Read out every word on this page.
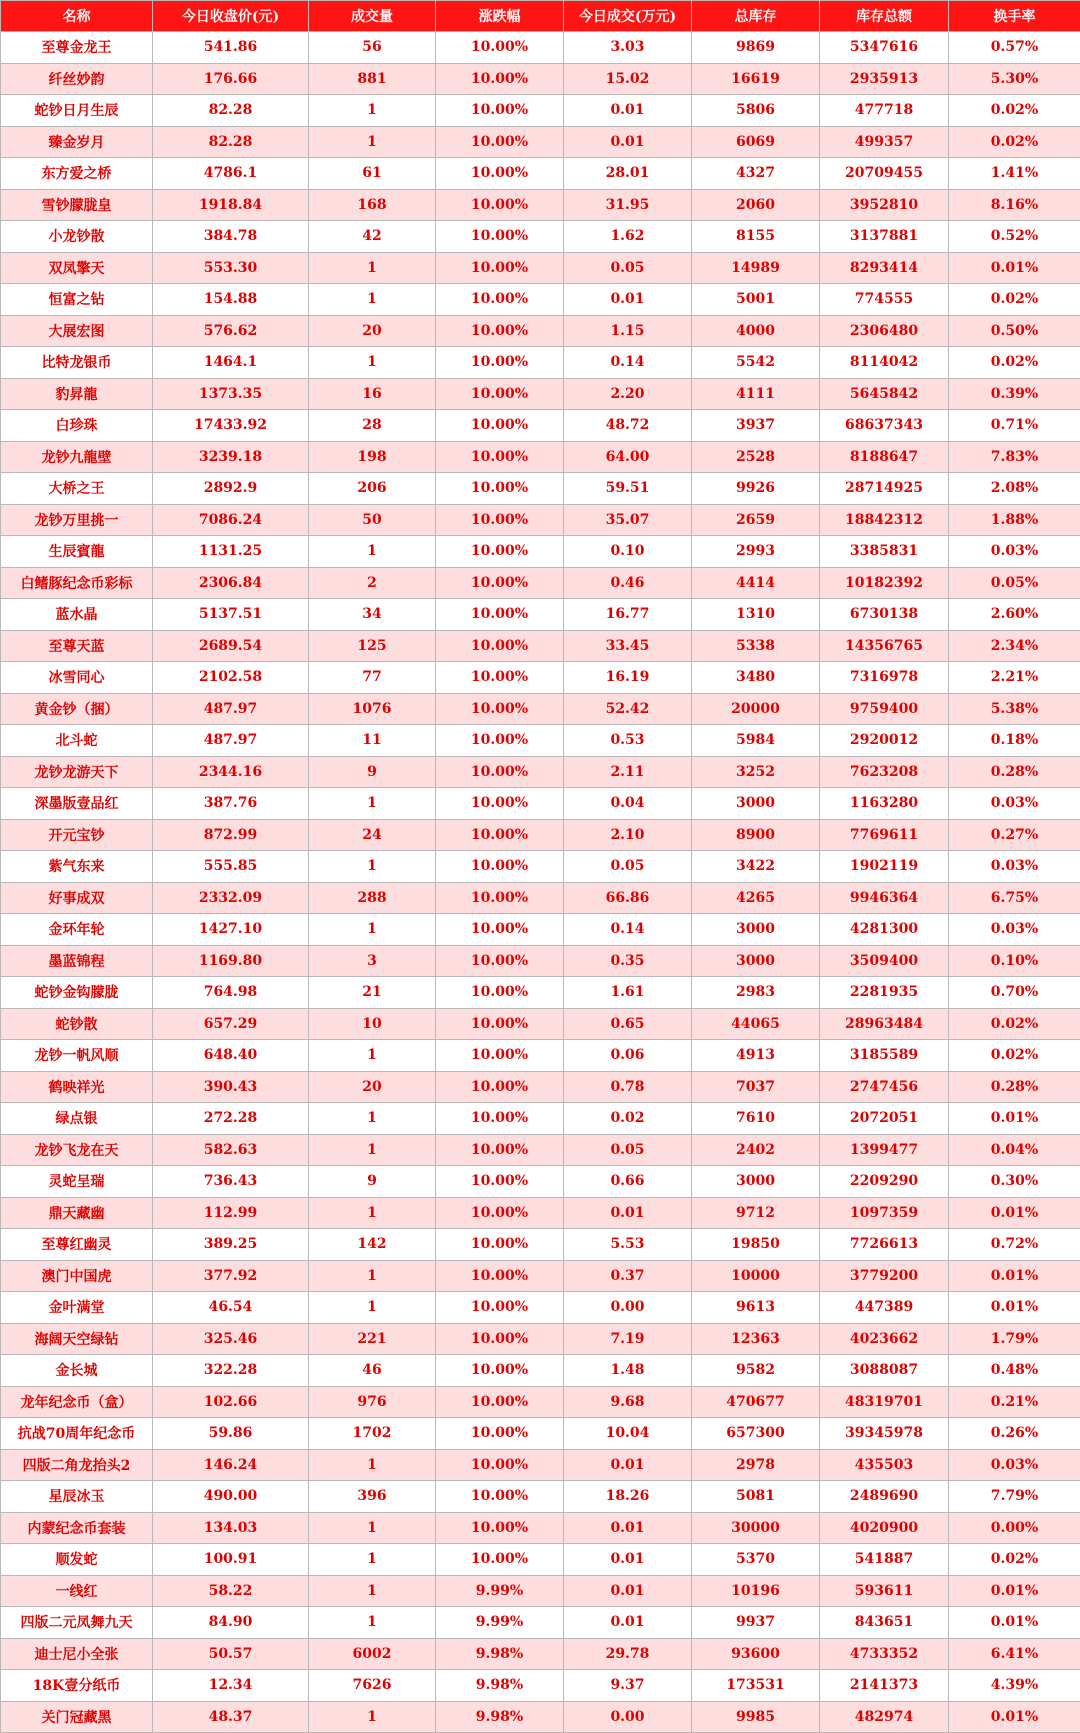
名称	今日收盘价(元)	成交量	涨跌幅	今日成交(万元)	总库存	库存总额	换手率
至尊金龙王	541.86	56	10.00%	3.03	9869	5347616	0.57%
纤丝妙韵	176.66	881	10.00%	15.02	16619	2935913	5.30%
蛇钞日月生辰	82.28	1	10.00%	0.01	5806	477718	0.02%
臻金岁月	82.28	1	10.00%	0.01	6069	499357	0.02%
东方爱之桥	4786.1	61	10.00%	28.01	4327	20709455	1.41%
雪钞朦胧皇	1918.84	168	10.00%	31.95	2060	3952810	8.16%
小龙钞散	384.78	42	10.00%	1.62	8155	3137881	0.52%
双凤擎天	553.30	1	10.00%	0.05	14989	8293414	0.01%
恒富之钻	154.88	1	10.00%	0.01	5001	774555	0.02%
大展宏图	576.62	20	10.00%	1.15	4000	2306480	0.50%
比特龙银币	1464.1	1	10.00%	0.14	5542	8114042	0.02%
豹昇龍	1373.35	16	10.00%	2.20	4111	5645842	0.39%
白珍珠	17433.92	28	10.00%	48.72	3937	68637343	0.71%
龙钞九龍壁	3239.18	198	10.00%	64.00	2528	8188647	7.83%
大桥之王	2892.9	206	10.00%	59.51	9926	28714925	2.08%
龙钞万里挑一	7086.24	50	10.00%	35.07	2659	18842312	1.88%
生辰賓龍	1131.25	1	10.00%	0.10	2993	3385831	0.03%
白鳍豚纪念币彩标	2306.84	2	10.00%	0.46	4414	10182392	0.05%
蓝水晶	5137.51	34	10.00%	16.77	1310	6730138	2.60%
至尊天蓝	2689.54	125	10.00%	33.45	5338	14356765	2.34%
冰雪同心	2102.58	77	10.00%	16.19	3480	7316978	2.21%
黄金钞（捆）	487.97	1076	10.00%	52.42	20000	9759400	5.38%
北斗蛇	487.97	11	10.00%	0.53	5984	2920012	0.18%
龙钞龙游天下	2344.16	9	10.00%	2.11	3252	7623208	0.28%
深墨版壹品红	387.76	1	10.00%	0.04	3000	1163280	0.03%
开元宝钞	872.99	24	10.00%	2.10	8900	7769611	0.27%
紫气东来	555.85	1	10.00%	0.05	3422	1902119	0.03%
好事成双	2332.09	288	10.00%	66.86	4265	9946364	6.75%
金环年轮	1427.10	1	10.00%	0.14	3000	4281300	0.03%
墨蓝锦程	1169.80	3	10.00%	0.35	3000	3509400	0.10%
蛇钞金钩朦胧	764.98	21	10.00%	1.61	2983	2281935	0.70%
蛇钞散	657.29	10	10.00%	0.65	44065	28963484	0.02%
龙钞一帆风顺	648.40	1	10.00%	0.06	4913	3185589	0.02%
鹤映祥光	390.43	20	10.00%	0.78	7037	2747456	0.28%
绿点银	272.28	1	10.00%	0.02	7610	2072051	0.01%
龙钞飞龙在天	582.63	1	10.00%	0.05	2402	1399477	0.04%
灵蛇呈瑞	736.43	9	10.00%	0.66	3000	2209290	0.30%
鼎天藏幽	112.99	1	10.00%	0.01	9712	1097359	0.01%
至尊红幽灵	389.25	142	10.00%	5.53	19850	7726613	0.72%
澳门中国虎	377.92	1	10.00%	0.37	10000	3779200	0.01%
金叶满堂	46.54	1	10.00%	0.00	9613	447389	0.01%
海阔天空绿钻	325.46	221	10.00%	7.19	12363	4023662	1.79%
金长城	322.28	46	10.00%	1.48	9582	3088087	0.48%
龙年纪念币（盒）	102.66	976	10.00%	9.68	470677	48319701	0.21%
抗战70周年纪念币	59.86	1702	10.00%	10.04	657300	39345978	0.26%
四版二角龙抬头2	146.24	1	10.00%	0.01	2978	435503	0.03%
星辰冰玉	490.00	396	10.00%	18.26	5081	2489690	7.79%
内蒙纪念币套装	134.03	1	10.00%	0.01	30000	4020900	0.00%
顺发蛇	100.91	1	10.00%	0.01	5370	541887	0.02%
一线红	58.22	1	9.99%	0.01	10196	593611	0.01%
四版二元凤舞九天	84.90	1	9.99%	0.01	9937	843651	0.01%
迪士尼小全张	50.57	6002	9.98%	29.78	93600	4733352	6.41%
18K壹分纸币	12.34	7626	9.98%	9.37	173531	2141373	4.39%
关门冠藏黑	48.37	1	9.98%	0.00	9985	482974	0.01%
